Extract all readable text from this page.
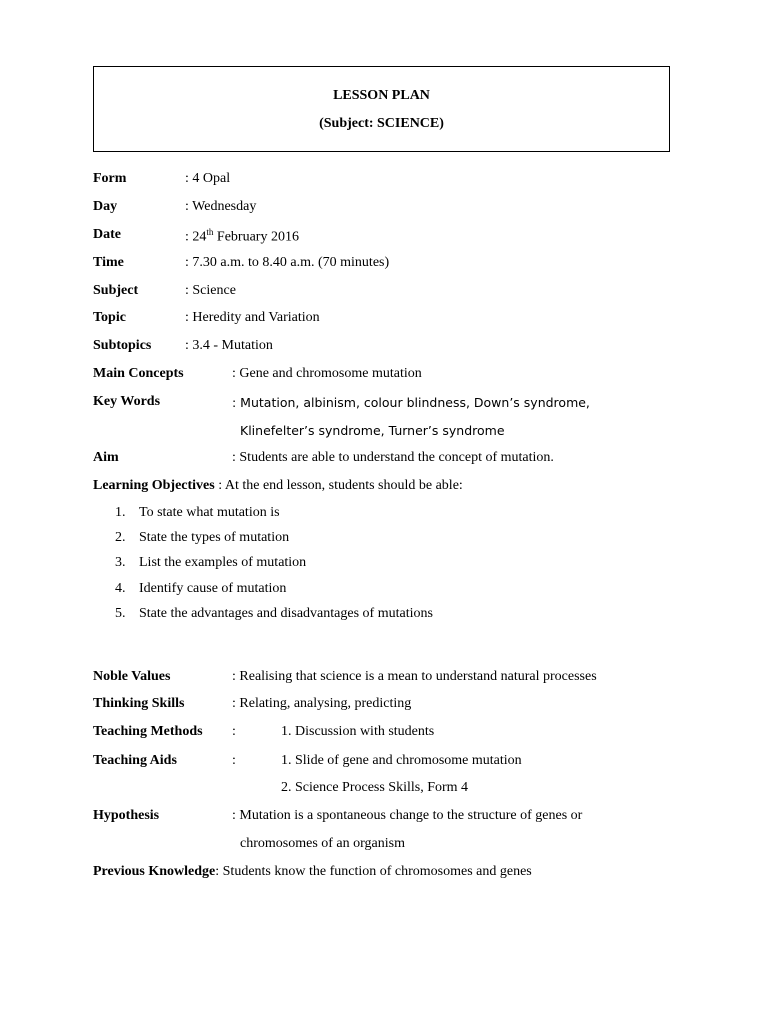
LESSON PLAN
(Subject: SCIENCE)
Form	: 4 Opal
Day	: Wednesday
Date	: 24th February 2016
Time	: 7.30 a.m. to 8.40 a.m. (70 minutes)
Subject	: Science
Topic	: Heredity and Variation
Subtopics : 3.4 - Mutation
Main Concepts	: Gene and chromosome mutation
Key Words	: Mutation, albinism, colour blindness, Down’s syndrome,
Klinefelter’s syndrome, Turner’s syndrome
Aim	: Students are able to understand the concept of mutation.
Learning Objectives : At the end lesson, students should be able:
1. To state what mutation is
2. State the types of mutation
3. List the examples of mutation
4. Identify cause of mutation
5. State the advantages and disadvantages of mutations
Noble Values	: Realising that science is a mean to understand natural processes
Thinking Skills	: Relating, analysing, predicting
Teaching Methods :	1. Discussion with students
Teaching Aids	:	1. Slide of gene and chromosome mutation
2. Science Process Skills, Form 4
Hypothesis	: Mutation is a spontaneous change to the structure of genes or
chromosomes of an organism
Previous Knowledge: Students know the function of chromosomes and genes
